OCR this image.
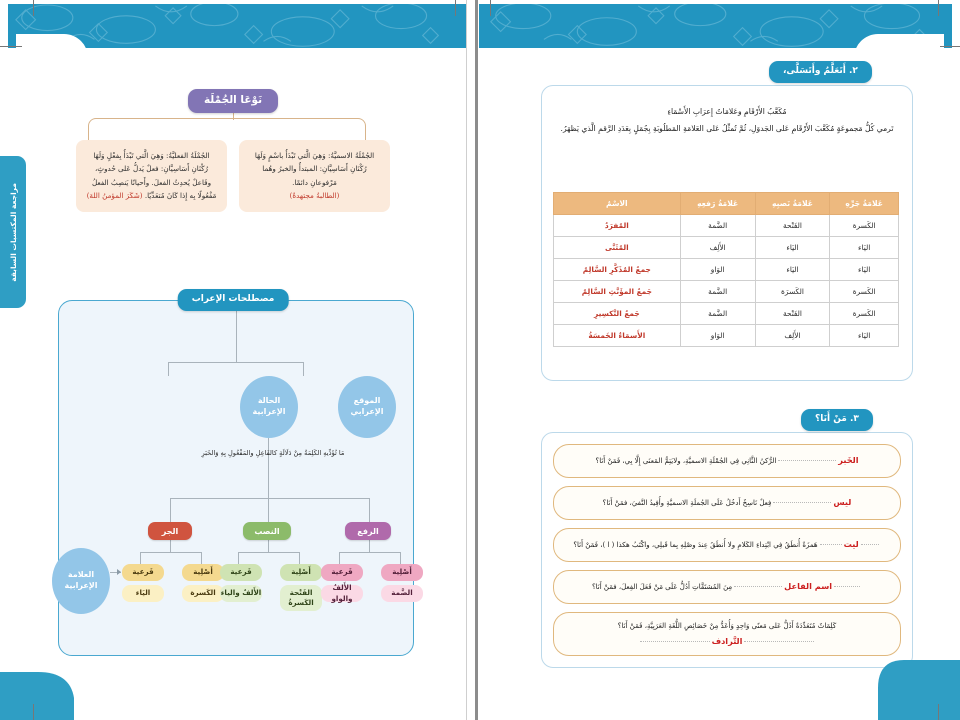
مراجعة المكتسبات السابقة
نَوْعَا الجُمْلَة
الجُمْلَةُ الاسميَّةُ: وَهِيَ الَّتي تَبْدَأُ باسْمٍ وَلَهَا رُكْنَانِ أَسَاسِيَّانِ: المبتدأُ والخبرُ وهُما مَرْفوعانِ دائمًا.
(الطالبةُ مجتهدةٌ)
الجُمْلَةُ الفعليَّةُ: وَهِيَ الَّتي تَبْدَأُ بِفعْلٍ وَلَهَا رُكْنَانِ أَسَاسِيَّانِ: فعلٌ يَدلُّ عَلى حُدوثٍ، وفَاعلٌ يُحدِثُ الفعلَ. وأَحيانًا يَنصِبُ الفعلُ مَفْعُولًا بِه إِذا كَانَ مُتعَدِّيًا. (شَكَرَ المؤمنُ اللهَ)
مصطلحات الإعراب
الحالة الإعرابية
الموقع الإعرابي
مَا تُؤَدِّيهِ الكَلِمَةُ مِنْ دَلَالَةٍ كالفَاعِلِ والمَفْعُولِ بِهِ وَالخَبَرِ
الجر	النصب	الرفع
أَصْلِية
فَرعية
الكَسرة
اليَاء
أَصْلِية
فَرعية
الفَتْحة الكَسرةُ
الأَلفُ والياء
أَصْلِية
فَرعية
الضَّمة
الأَلفُ والواو
العلامة الإعرابية
٢. أَتَعَلَّمُ وأَتَسَلَّى،
مُكَعَّبُ الأَرْقَامِ وعَلامَاتُ إِعرَابِ الأَسْمَاءِ
تَرمي كُلُّ مَجموعَةٍ مُكَعَّبَ الأَرْقَامِ عَلى الجَدوَلِ، ثُمَّ تُمثِّلُ عَلى العَلامَةِ المَطلُوبَةِ بِجُمَلٍ بِعَدَدِ الرَّقمِ الَّذي يَظهَرُ.
عَلامَةُ جَرِّهِ	عَلامَةُ نَصبِهِ	عَلامَةُ رَفعِهِ	الاسْمُ
الكَسرة	الفَتْحة	الضَّمة	المُفرَدُ
اليَاء	اليَاء	الأَلِف	المُثَنَّى
اليَاء	اليَاء	الوَاو	جمعُ المُذَكَّرِ السَّالِمُ
الكَسرة	الكَسرَة	الضَّمة	جَمعُ المؤَنَّثِ السَّالِمُ
الكَسرة	الفَتْحة	الضَّمة	جَمعُ التَّكسِيرِ
اليَاء	الأَلِف	الوَاو	الأَسمَاءُ الخَمسَةُ
٣. مَنْ أَنَا؟
الخَبرالرُّكنُ الثَّانِي فِي الجُمْلَةِ الاسميَّةِ، ولايَتِمُّ المَعنَى إِلَّا بِي، فَمَنْ أَنَا؟
ليسفِعلٌ نَاسِخٌ أَدخُلُ عَلَى الجُملَةِ الاسميَّةِ وأُفِيدُ النَّفيَ، فمَنْ أَنَا؟
ليتهَمزَةٌ أُنطَقُ فِي ابْتِداءِ الكَلامِ ولا أُنطَقُ عِندَ وصْلِهِ بِما قَبلِي، واكْتَبُ هكذا ( ا )، فَمَنْ أَنَا؟
اسم الفاعلمِنَ المُشتَقَّاتِ أَدُلُّ عَلَى مَنْ فَعَلَ الفِعلَ، فمَنْ أَنَا؟
كَلِمَاتٌ مُتَعَدِّدَةٌ أَدُلُّ عَلى مَعنًى وَاحِدٍ وَأُعَدُّ مِنْ خَصَائِصِ اللُّغَةِ العَرَبِيَّةِ، فَمَنْ أَنَا؟
التَّرادف
